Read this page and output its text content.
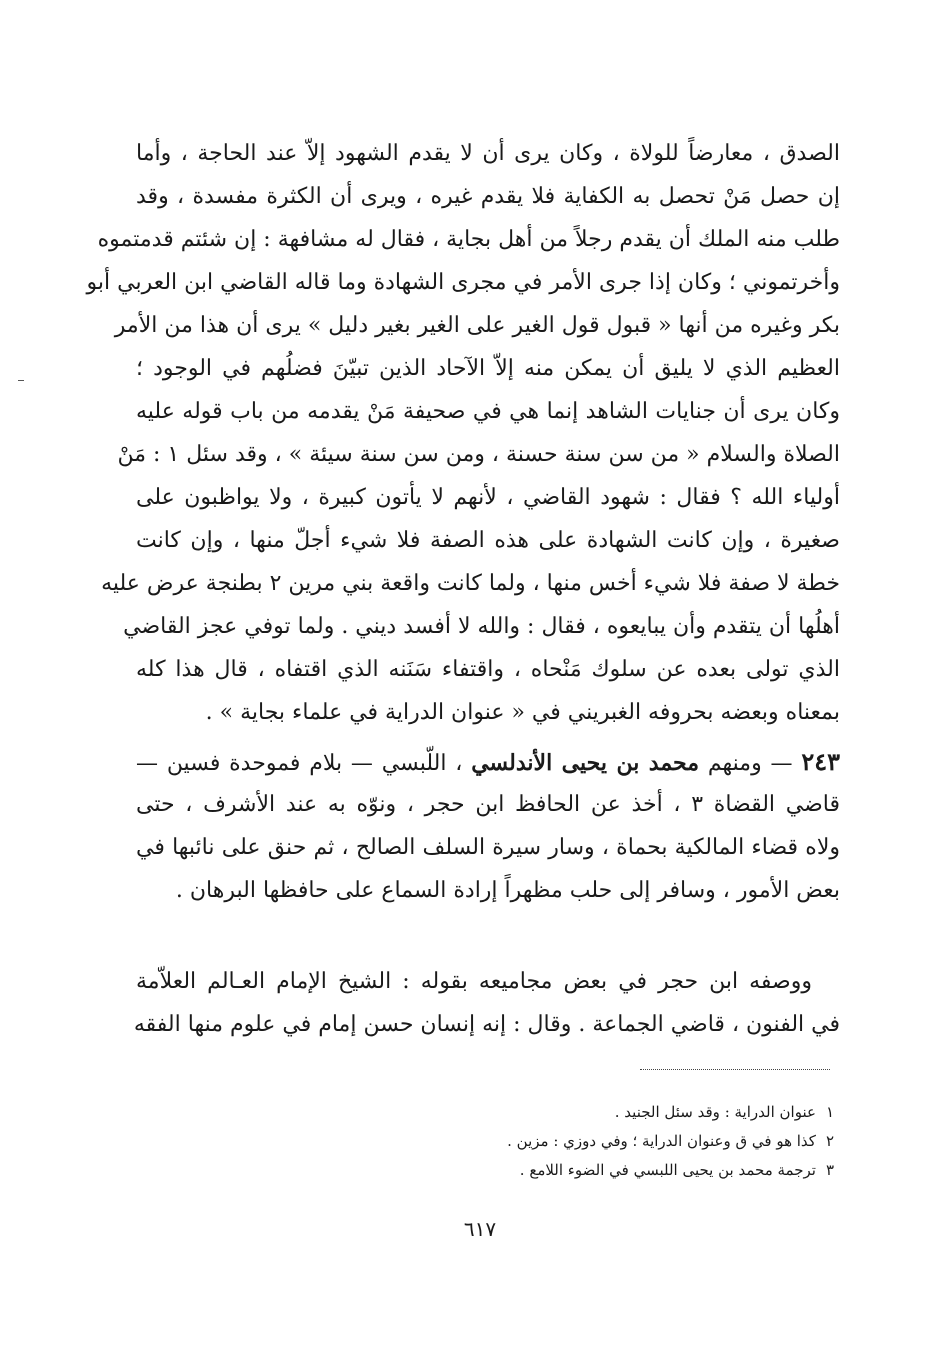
الصدق ، معارضاً للولاة ، وكان يرى أن لا يقدم الشهود إلاّ عند الحاجة ، وأما
إن حصل مَنْ تحصل به الكفاية فلا يقدم غيره ، ويرى أن الكثرة مفسدة ، وقد
طلب منه الملك أن يقدم رجلاً من أهل بجاية ، فقال له مشافهة : إن شئتم قدمتموه
وأخرتموني ؛ وكان إذا جرى الأمر في مجرى الشهادة وما قاله القاضي ابن العربي أبو
بكر وغيره من أنها « قبول قول الغير على الغير بغير دليل » يرى أن هذا من الأمر
العظيم الذي لا يليق أن يمكن منه إلاّ الآحاد الذين تبيّنَ فضلُهم في الوجود ؛
وكان يرى أن جنايات الشاهد إنما هي في صحيفة مَنْ يقدمه من باب قوله عليه
الصلاة والسلام « من سن سنة حسنة ، ومن سن سنة سيئة » ، وقد سئل ١ : مَنْ
أولياء الله ؟ فقال : شهود القاضي ، لأنهم لا يأتون كبيرة ، ولا يواظبون على
صغيرة ، وإن كانت الشهادة على هذه الصفة فلا شيء أجلّ منها ، وإن كانت
خطة لا صفة فلا شيء أخس منها ، ولما كانت واقعة بني مرين ٢ بطنجة عرض عليه
أهلُها أن يتقدم وأن يبايعوه ، فقال : والله لا أفسد ديني . ولما توفي عجز القاضي
الذي تولى بعده عن سلوك مَنْحاه ، واقتفاء سَنَنه الذي اقتفاه ، قال هذا كله
بمعناه وبعضه بحروفه الغبريني في « عنوان الدراية في علماء بجاية » .
٢٤٣ — ومنهم محمد بن يحيى الأندلسي ، اللّبسي — بلام فموحدة فسين —
قاضي القضاة ٣ ، أخذ عن الحافظ ابن حجر ، ونوّه به عند الأشرف ، حتى
ولاه قضاء المالكية بحماة ، وسار سيرة السلف الصالح ، ثم حنق على نائبها في
بعض الأمور ، وسافر إلى حلب مظهراً إرادة السماع على حافظها البرهان .
ووصفه ابن حجر في بعض مجاميعه بقوله : الشيخ الإمام العـالم العلاّمة
في الفنون ، قاضي الجماعة . وقال : إنه إنسان حسن إمام في علوم منها الفقه
١عنوان الدراية : وقد سئل الجنيد .
٢كذا هو في ق وعنوان الدراية ؛ وفي دوزي : مزين .
٣ترجمة محمد بن يحيى اللبسي في الضوء اللامع .
٦١٧
